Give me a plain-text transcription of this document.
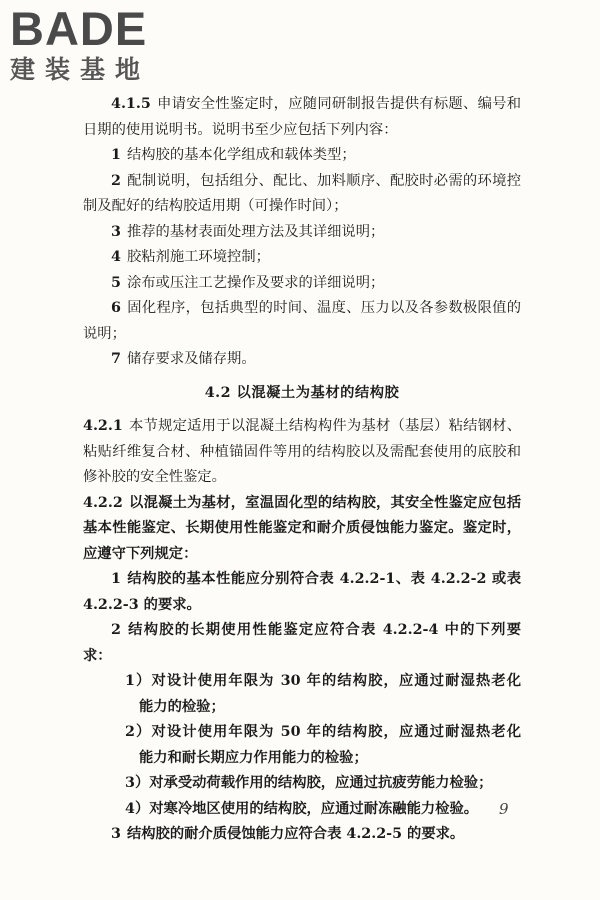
BADE
建装基地

4.1.5 申请安全性鉴定时，应随同研制报告提供有标题、编号和日期的使用说明书。说明书至少应包括下列内容：

1 结构胶的基本化学组成和载体类型；

2 配制说明，包括组分、配比、加料顺序、配胶时必需的环境控制及配好的结构胶适用期（可操作时间）；

3 推荐的基材表面处理方法及其详细说明；

4 胶粘剂施工环境控制；

5 涂布或压注工艺操作及要求的详细说明；

6 固化程序，包括典型的时间、温度、压力以及各参数极限值的说明；

7 储存要求及储存期。

4.2 以混凝土为基材的结构胶

4.2.1 本节规定适用于以混凝土结构构件为基材（基层）粘结钢材、粘贴纤维复合材、种植锚固件等用的结构胶以及需配套使用的底胶和修补胶的安全性鉴定。

4.2.2 以混凝土为基材，室温固化型的结构胶，其安全性鉴定应包括基本性能鉴定、长期使用性能鉴定和耐介质侵蚀能力鉴定。鉴定时，应遵守下列规定：

1 结构胶的基本性能应分别符合表 4.2.2-1、表 4.2.2-2 或表 4.2.2-3 的要求。

2 结构胶的长期使用性能鉴定应符合表 4.2.2-4 中的下列要求：

1）对设计使用年限为 30 年的结构胶，应通过耐湿热老化 能力的检验；

2）对设计使用年限为 50 年的结构胶，应通过耐湿热老化 能力和耐长期应力作用能力的检验；

3）对承受动荷载作用的结构胶，应通过抗疲劳能力检验；

4）对寒冷地区使用的结构胶，应通过耐冻融能力检验。

3 结构胶的耐介质侵蚀能力应符合表 4.2.2-5 的要求。

9
